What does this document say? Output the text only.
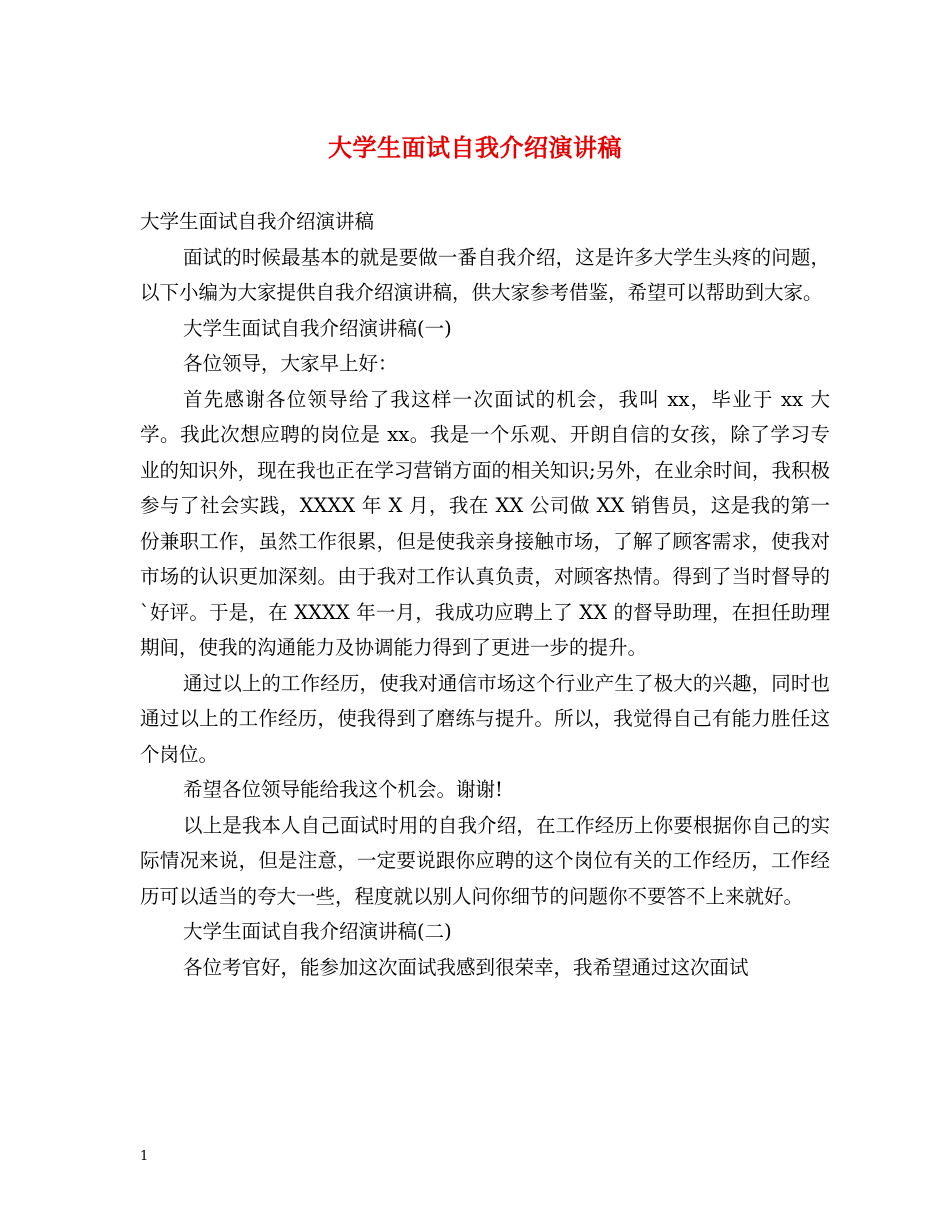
大学生面试自我介绍演讲稿

大学生面试自我介绍演讲稿

面试的时候最基本的就是要做一番自我介绍，这是许多大学生头疼的问题，以下小编为大家提供自我介绍演讲稿，供大家参考借鉴，希望可以帮助到大家。

大学生面试自我介绍演讲稿(一)

各位领导，大家早上好：

首先感谢各位领导给了我这样一次面试的机会，我叫 xx，毕业于 xx 大学。我此次想应聘的岗位是 xx。我是一个乐观、开朗自信的女孩，除了学习专业的知识外，现在我也正在学习营销方面的相关知识;另外，在业余时间，我积极参与了社会实践，XXXX 年 X 月，我在 XX 公司做 XX 销售员，这是我的第一份兼职工作，虽然工作很累，但是使我亲身接触市场，了解了顾客需求，使我对市场的认识更加深刻。由于我对工作认真负责，对顾客热情。得到了当时督导的`好评。于是，在 XXXX 年一月，我成功应聘上了 XX 的督导助理，在担任助理期间，使我的沟通能力及协调能力得到了更进一步的提升。

通过以上的工作经历，使我对通信市场这个行业产生了极大的兴趣，同时也通过以上的工作经历，使我得到了磨练与提升。所以，我觉得自己有能力胜任这个岗位。

希望各位领导能给我这个机会。谢谢!

以上是我本人自己面试时用的自我介绍，在工作经历上你要根据你自己的实际情况来说，但是注意，一定要说跟你应聘的这个岗位有关的工作经历，工作经历可以适当的夸大一些，程度就以别人问你细节的问题你不要答不上来就好。

大学生面试自我介绍演讲稿(二)

各位考官好，能参加这次面试我感到很荣幸，我希望通过这次面试

1
